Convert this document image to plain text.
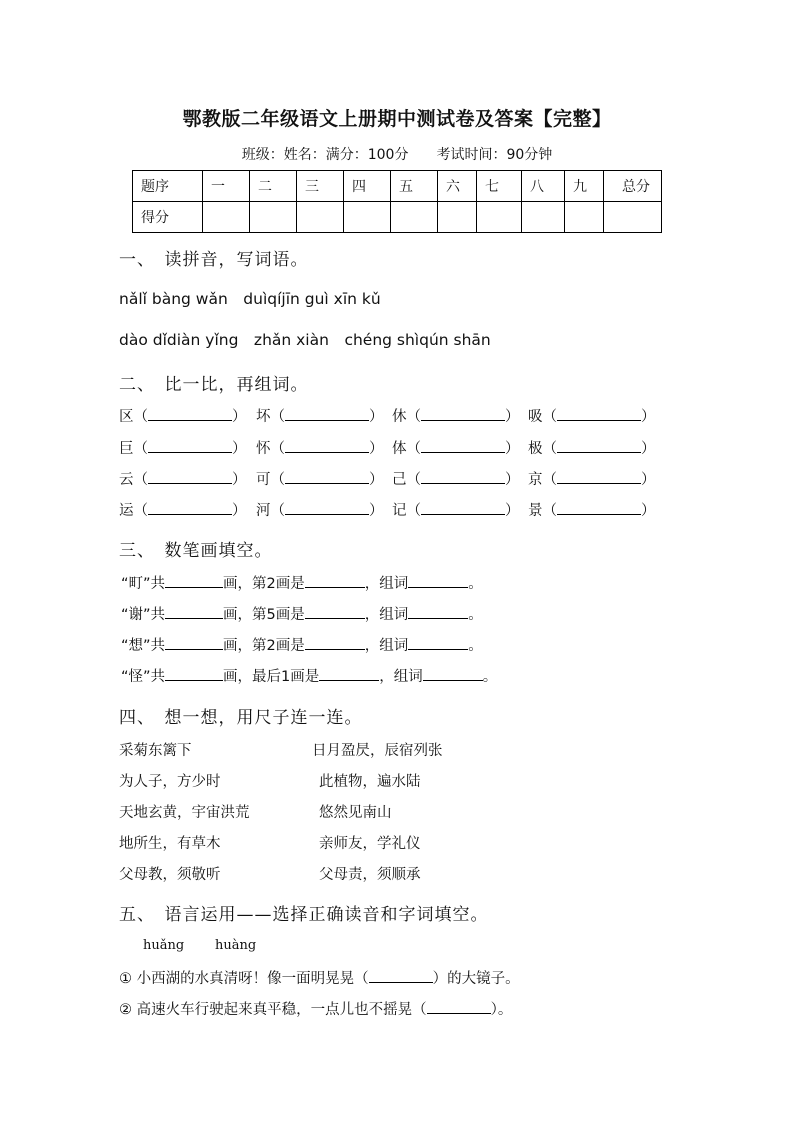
鄂教版二年级语文上册期中测试卷及答案【完整】
班级：姓名：满分：100分　　考试时间：90分钟
题序	一	二	三	四	五	六	七	八	九	总分
得分										
一、　读拼音，写词语。
nǎlǐ bàng wǎn　duìqíjīn guì xīn kǔ
dào dǐdiàn yǐng　zhǎn xiàn　chéng shìqún shān
二、　比一比，再组词。
区（	） 坏（	） 休（	） 吸（	）
巨（	） 怀（	） 体（	） 极（	）
云（	） 可（	） 己（	） 京（	）
运（	） 河（	） 记（	） 景（	）
三、　数笔画填空。
“町”共	画，第2画是	，组词	。
“谢”共	画，第5画是	，组词	。
“想”共	画，第2画是	，组词	。
“怪”共	画，最后1画是	，组词	。
四、　想一想，用尺子连一连。
采菊东篱下	日月盈昃，辰宿列张
为人子，方少时	此植物，遍水陆
天地玄黄，宇宙洪荒	悠然见南山
地所生，有草木	亲师友，学礼仪
父母教，须敬听	父母责，须顺承
五、　语言运用——选择正确读音和字词填空。
huǎng huàng
① 小西湖的水真清呀！像一面明晃晃（	）的大镜子。
② 高速火车行驶起来真平稳，一点儿也不摇晃（	）。
